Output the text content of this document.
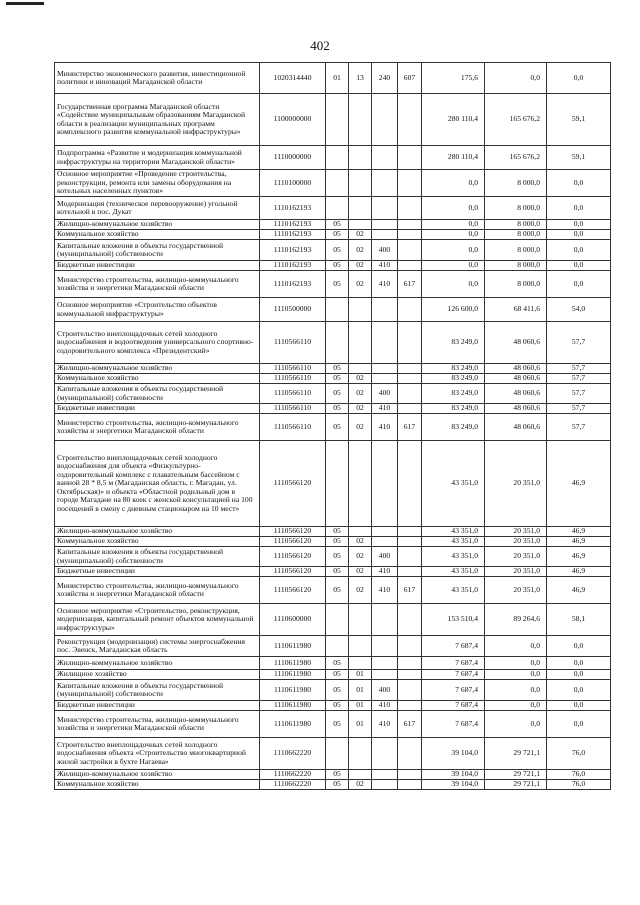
402
Министерство экономического развития, инвестиционной политики и инноваций Магаданской области	1020314440	01	13	240	607	175,6	0,0	0,0
Государственная программа Магаданской области «Содействие муниципальным образованиям Магаданской области в реализации муниципальных программ комплексного развития коммунальной инфраструктуры»	1100000000					280 110,4	165 676,2	59,1
Подпрограмма «Развитие и модернизация коммунальной инфраструктуры на территории Магаданской области»	1110000000					280 110,4	165 676,2	59,1
Основное мероприятие «Проведение строительства, реконструкции, ремонта или замены оборудования на котельных населенных пунктов»	1110100000					0,0	8 000,0	0,0
Модернизация (техническое перевооружение) угольной котельной в пос. Дукат	1110162193					0,0	8 000,0	0,0
Жилищно-коммунальное хозяйство	1110162193	05				0,0	8 000,0	0,0
Коммунальное хозяйство	1110162193	05	02			0,0	8 000,0	0,0
Капитальные вложения в объекты государственной (муниципальной) собственности	1110162193	05	02	400		0,0	8 000,0	0,0
Бюджетные инвестиции	1110162193	05	02	410		0,0	8 000,0	0,0
Министерство строительства, жилищно-коммунального хозяйства и энергетики Магаданской области	1110162193	05	02	410	617	0,0	8 000,0	0,0
Основное мероприятие «Строительство объектов коммунальной инфраструктуры»	1110500000					126 600,0	68 411,6	54,0
Строительство внеплощадочных сетей холодного водоснабжения и водоотведения универсального спортивно-оздоровительного комплекса «Президентский»	1110566110					83 249,0	48 060,6	57,7
Жилищно-коммунальное хозяйство	1110566110	05				83 249,0	48 060,6	57,7
Коммунальное хозяйство	1110566110	05	02			83 249,0	48 060,6	57,7
Капитальные вложения в объекты государственной (муниципальной) собственности	1110566110	05	02	400		83 249,0	48 060,6	57,7
Бюджетные инвестиции	1110566110	05	02	410		83 249,0	48 060,6	57,7
Министерство строительства, жилищно-коммунального хозяйства и энергетики Магаданской области	1110566110	05	02	410	617	83 249,0	48 060,6	57,7
Строительство внеплощадочных сетей холодного водоснабжения для объекта «Физкультурно-оздоровительный комплекс с плавательным бассейном с ванной 28 * 8,5 м (Магаданская область, г. Магадан, ул. Октябрьская)» и объекта «Областной родильный дом в городе Магадане на 80 коек с женской консультацией на 100 посещений в смену с дневным стационаром на 10 мест»	1110566120					43 351,0	20 351,0	46,9
Жилищно-коммунальное хозяйство	1110566120	05				43 351,0	20 351,0	46,9
Коммунальное хозяйство	1110566120	05	02			43 351,0	20 351,0	46,9
Капитальные вложения в объекты государственной (муниципальной) собственности	1110566120	05	02	400		43 351,0	20 351,0	46,9
Бюджетные инвестиции	1110566120	05	02	410		43 351,0	20 351,0	46,9
Министерство строительства, жилищно-коммунального хозяйства и энергетики Магаданской области	1110566120	05	02	410	617	43 351,0	20 351,0	46,9
Основное мероприятие «Строительство, реконструкция, модернизация, капитальный ремонт объектов коммунальной инфраструктуры»	1110600000					153 510,4	89 264,6	58,1
Реконструкция (модернизация) системы энергоснабжения пос. Эвенск, Магаданская область	1110611980					7 687,4	0,0	0,0
Жилищно-коммунальное хозяйство	1110611980	05				7 687,4	0,0	0,0
Жилищное хозяйство	1110611980	05	01			7 687,4	0,0	0,0
Капитальные вложения в объекты государственной (муниципальной) собственности	1110611980	05	01	400		7 687,4	0,0	0,0
Бюджетные инвестиции	1110611980	05	01	410		7 687,4	0,0	0,0
Министерство строительства, жилищно-коммунального хозяйства и энергетики Магаданской области	1110611980	05	01	410	617	7 687,4	0,0	0,0
Строительство внеплощадочных сетей холодного водоснабжения объекта «Строительство многоквартирной жилой застройки в бухте Нагаева»	1110662220					39 104,0	29 721,1	76,0
Жилищно-коммунальное хозяйство	1110662220	05				39 104,0	29 721,1	76,0
Коммунальное хозяйство	1110662220	05	02			39 104,0	29 721,1	76,0
